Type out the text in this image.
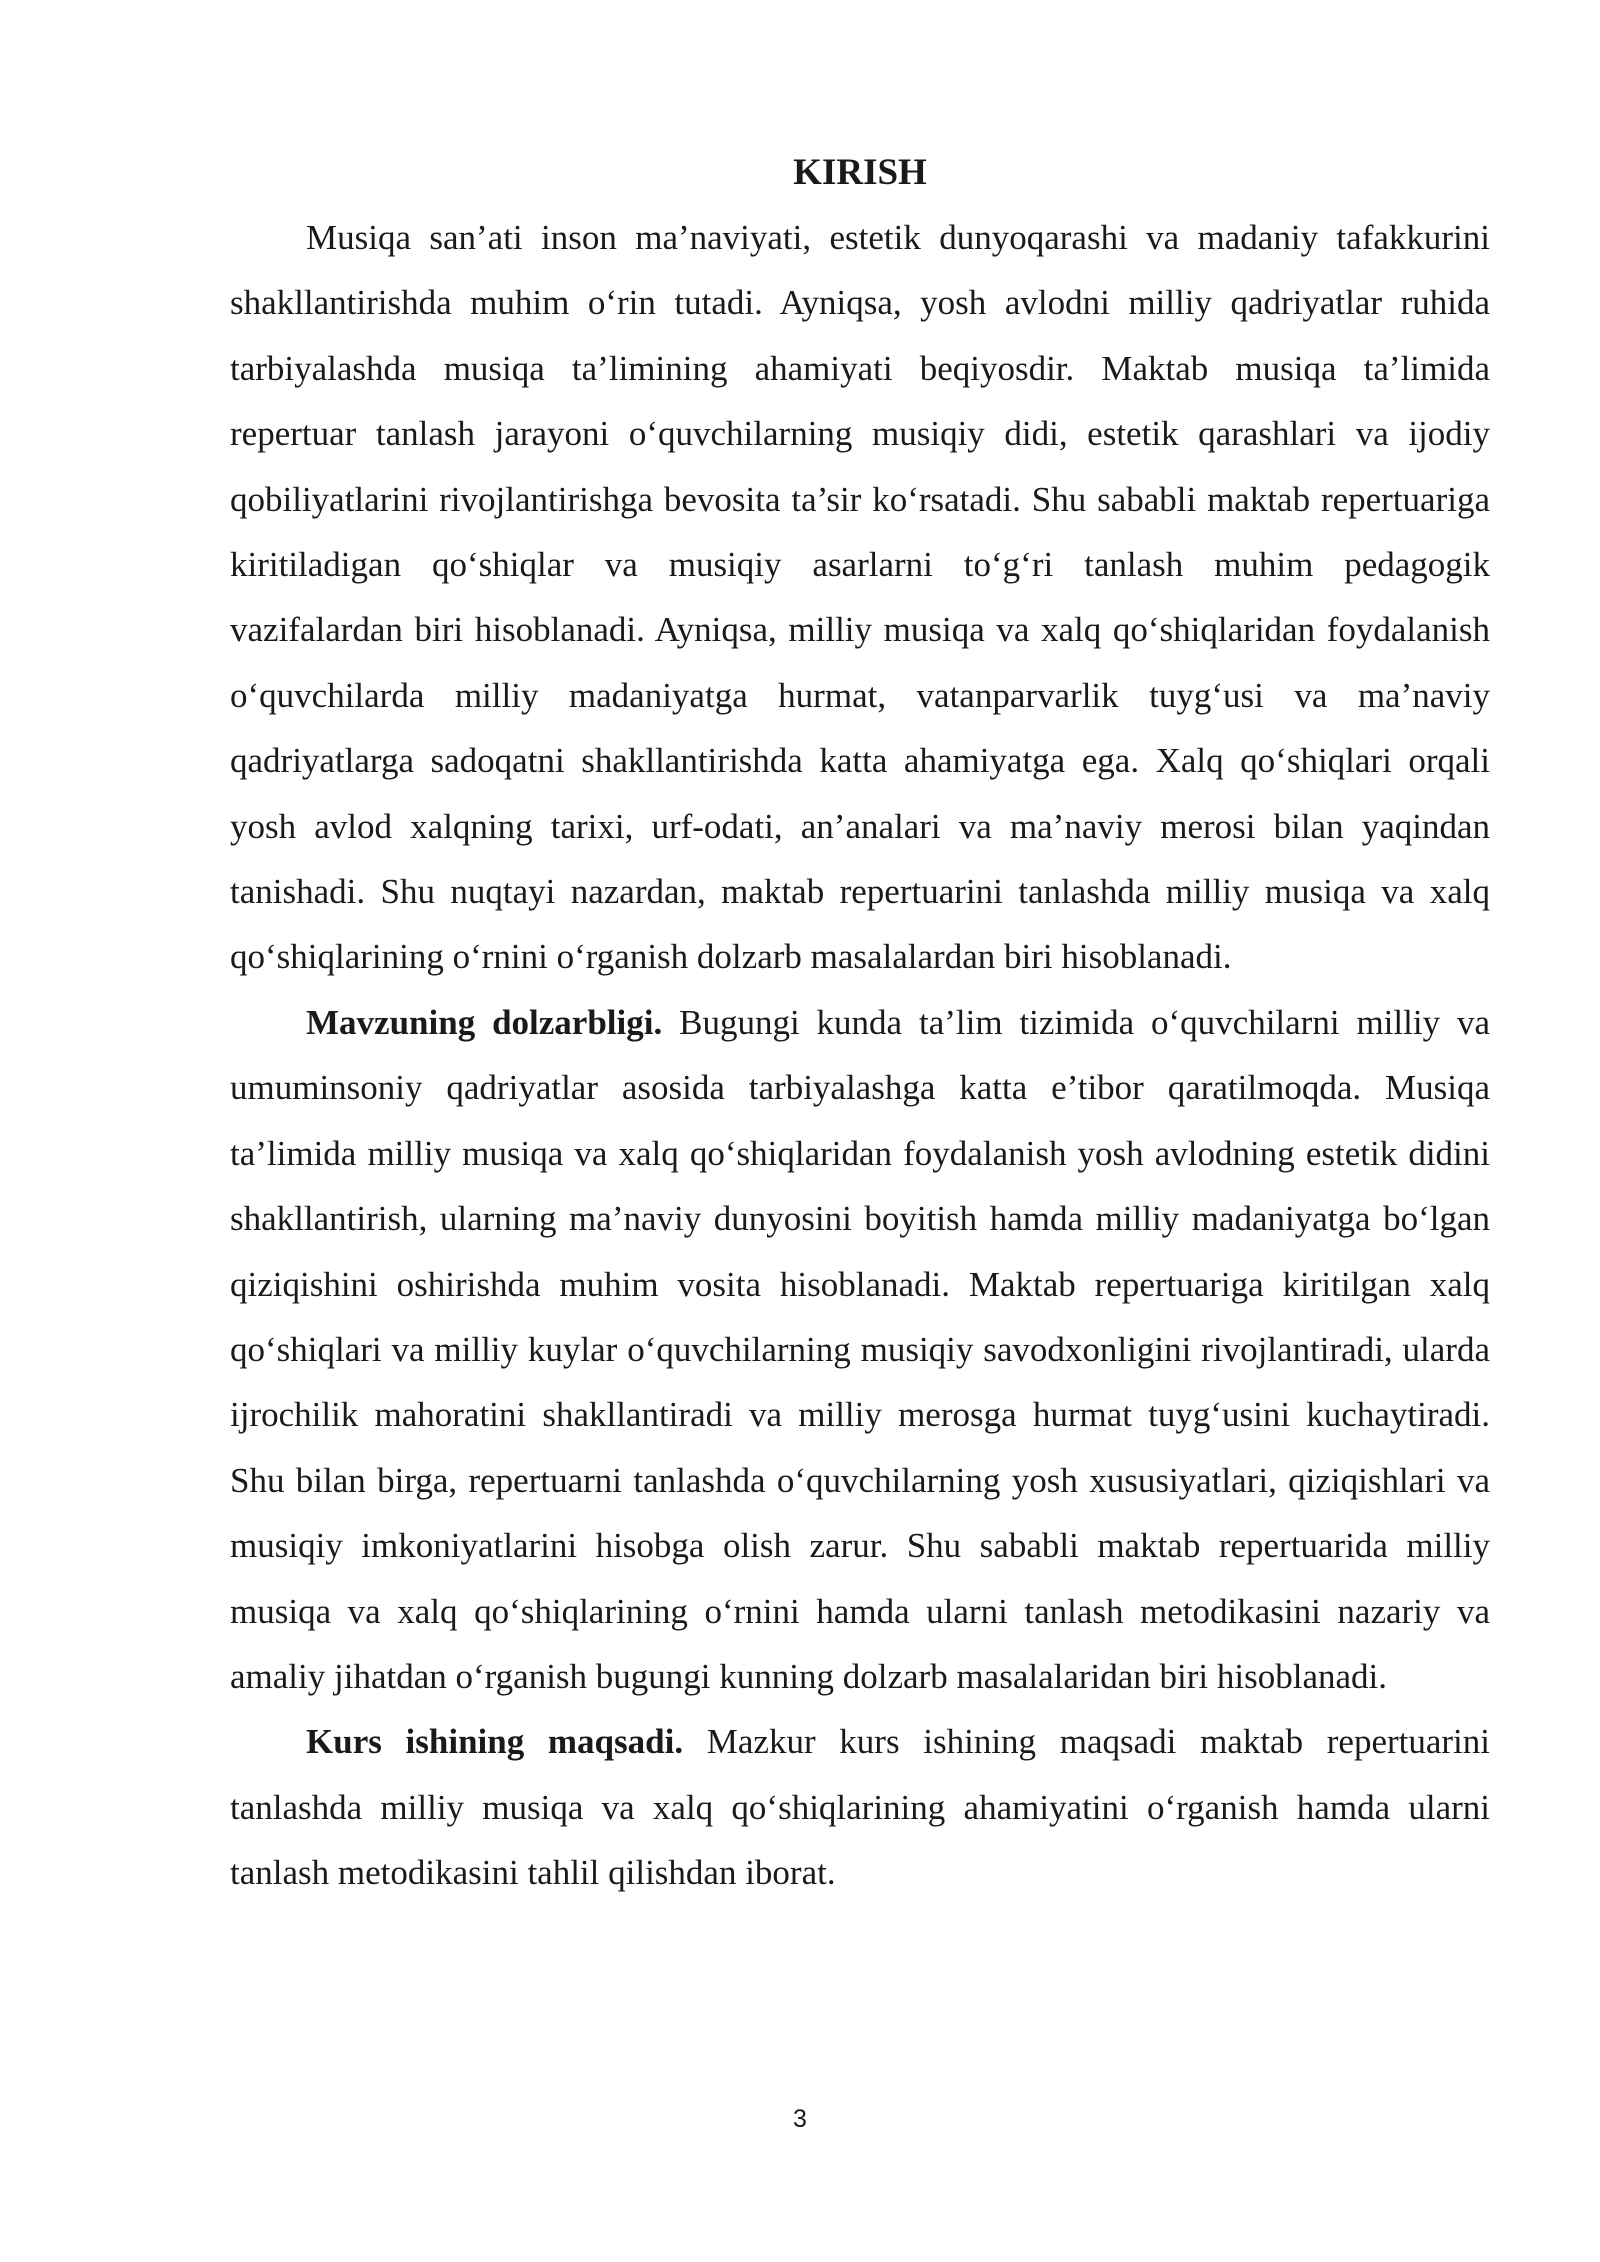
KIRISH

Musiqa san’ati inson ma’naviyati, estetik dunyoqarashi va madaniy tafakkurini shakllantirishda muhim o‘rin tutadi. Ayniqsa, yosh avlodni milliy qadriyatlar ruhida tarbiyalashda musiqa ta’limining ahamiyati beqiyosdir. Maktab musiqa ta’limida repertuar tanlash jarayoni o‘quvchilarning musiqiy didi, estetik qarashlari va ijodiy qobiliyatlarini rivojlantirishga bevosita ta’sir ko‘rsatadi. Shu sababli maktab repertuariga kiritiladigan qo‘shiqlar va musiqiy asarlarni to‘g‘ri tanlash muhim pedagogik vazifalardan biri hisoblanadi. Ayniqsa, milliy musiqa va xalq qo‘shiqlaridan foydalanish o‘quvchilarda milliy madaniyatga hurmat, vatanparvarlik tuyg‘usi va ma’naviy qadriyatlarga sadoqatni shakllantirishda katta ahamiyatga ega. Xalq qo‘shiqlari orqali yosh avlod xalqning tarixi, urf-odati, an’analari va ma’naviy merosi bilan yaqindan tanishadi. Shu nuqtayi nazardan, maktab repertuarini tanlashda milliy musiqa va xalq qo‘shiqlarining o‘rnini o‘rganish dolzarb masalalardan biri hisoblanadi.

Mavzuning dolzarbligi. Bugungi kunda ta’lim tizimida o‘quvchilarni milliy va umuminsoniy qadriyatlar asosida tarbiyalashga katta e’tibor qaratilmoqda. Musiqa ta’limida milliy musiqa va xalq qo‘shiqlaridan foydalanish yosh avlodning estetik didini shakllantirish, ularning ma’naviy dunyosini boyitish hamda milliy madaniyatga bo‘lgan qiziqishini oshirishda muhim vosita hisoblanadi. Maktab repertuariga kiritilgan xalq qo‘shiqlari va milliy kuylar o‘quvchilarning musiqiy savodxonligini rivojlantiradi, ularda ijrochilik mahoratini shakllantiradi va milliy merosga hurmat tuyg‘usini kuchaytiradi. Shu bilan birga, repertuarni tanlashda o‘quvchilarning yosh xususiyatlari, qiziqishlari va musiqiy imkoniyatlarini hisobga olish zarur. Shu sababli maktab repertuarida milliy musiqa va xalq qo‘shiqlarining o‘rnini hamda ularni tanlash metodikasini nazariy va amaliy jihatdan o‘rganish bugungi kunning dolzarb masalalaridan biri hisoblanadi.

Kurs ishining maqsadi. Mazkur kurs ishining maqsadi maktab repertuarini tanlashda milliy musiqa va xalq qo‘shiqlarining ahamiyatini o‘rganish hamda ularni tanlash metodikasini tahlil qilishdan iborat.

3
